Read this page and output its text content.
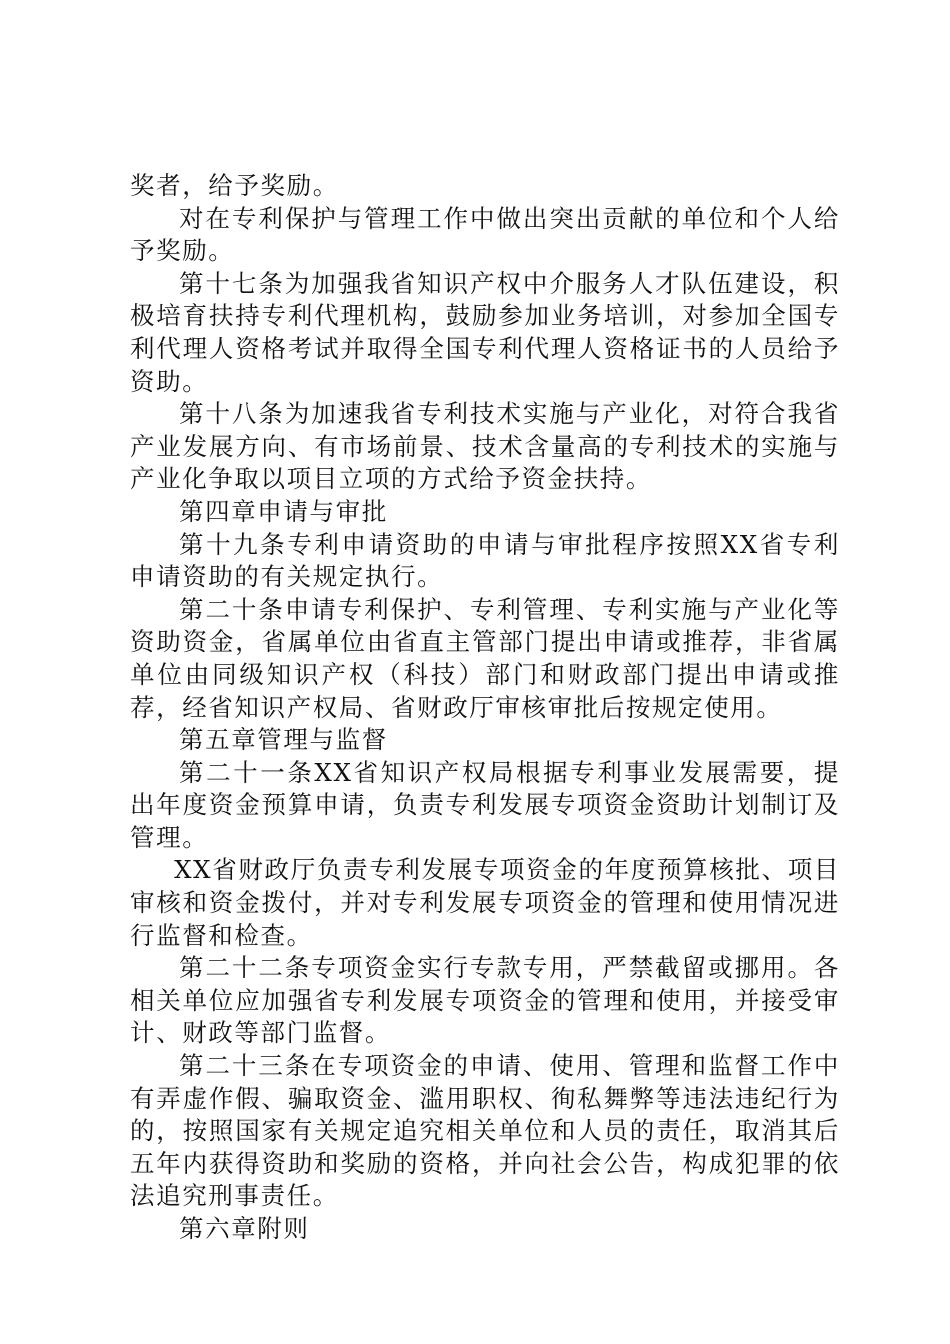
奖者，给予奖励。

对在专利保护与管理工作中做出突出贡献的单位和个人给予奖励。

第十七条为加强我省知识产权中介服务人才队伍建设，积极培育扶持专利代理机构，鼓励参加业务培训，对参加全国专利代理人资格考试并取得全国专利代理人资格证书的人员给予资助。

第十八条为加速我省专利技术实施与产业化，对符合我省产业发展方向、有市场前景、技术含量高的专利技术的实施与产业化争取以项目立项的方式给予资金扶持。

第四章申请与审批

第十九条专利申请资助的申请与审批程序按照XX省专利申请资助的有关规定执行。

第二十条申请专利保护、专利管理、专利实施与产业化等资助资金，省属单位由省直主管部门提出申请或推荐，非省属单位由同级知识产权（科技）部门和财政部门提出申请或推荐，经省知识产权局、省财政厅审核审批后按规定使用。

第五章管理与监督

第二十一条XX省知识产权局根据专利事业发展需要，提出年度资金预算申请，负责专利发展专项资金资助计划制订及管理。

XX省财政厅负责专利发展专项资金的年度预算核批、项目审核和资金拨付，并对专利发展专项资金的管理和使用情况进行监督和检查。

第二十二条专项资金实行专款专用，严禁截留或挪用。各相关单位应加强省专利发展专项资金的管理和使用，并接受审计、财政等部门监督。

第二十三条在专项资金的申请、使用、管理和监督工作中有弄虚作假、骗取资金、滥用职权、徇私舞弊等违法违纪行为的，按照国家有关规定追究相关单位和人员的责任，取消其后五年内获得资助和奖励的资格，并向社会公告，构成犯罪的依法追究刑事责任。

第六章附则
